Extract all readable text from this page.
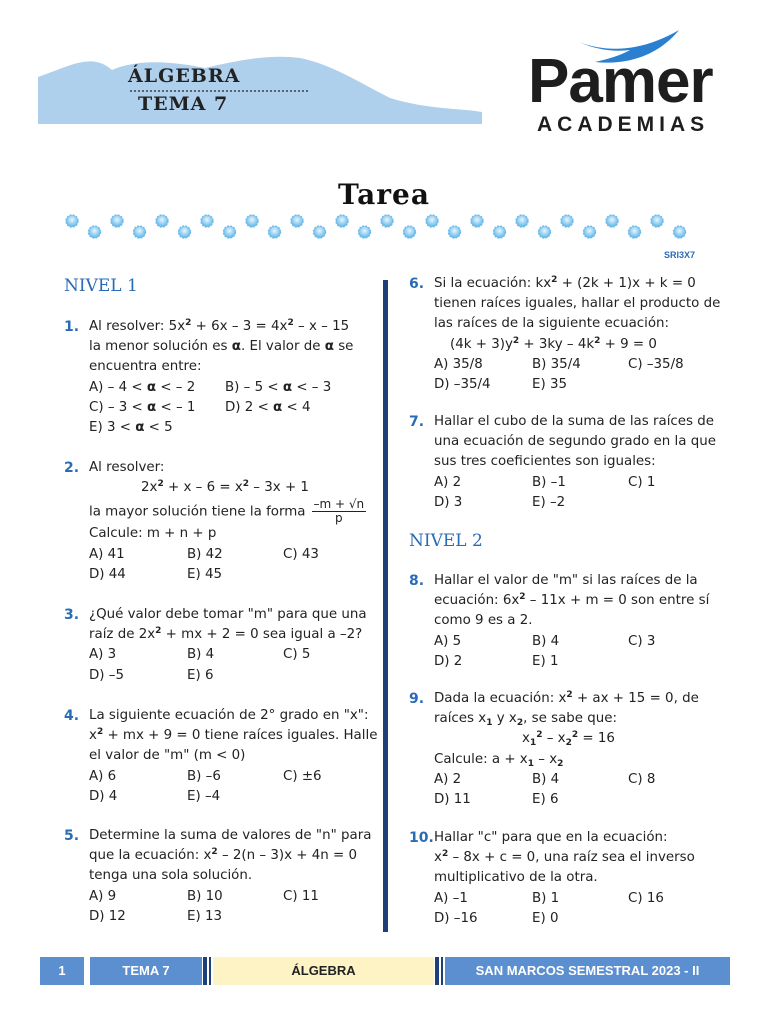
ÁLGEBRA
TEMA 7	Pamer
ACADEMIAS
Tarea
SRI3X7
NIVEL 1
1. Al resolver: $5x^2 + 6x - 3 = 4x^2 - x - 15$
la menor solución es α. El valor de α se
encuentra entre:
A) – 4 < α < – 2 B) – 5 < α < – 3
C) – 3 < α < – 1 D) 2 < α < 4
E) 3 < α < 5
2. Al resolver:
$2x^2 + x - 6 = x^2 - 3x + 1$
la mayor solución tiene la forma $\frac{-m + √n}{p}$
Calcule: m + n + p
A) 41	B) 42	C) 43
D) 44	E) 45
3. ¿Qué valor debe tomar "m" para que una
raíz de $2x^2$ + mx + 2 = 0 sea igual a –2?
A) 3	B) 4	C) 5
D) –5	E) 6
4. La siguiente ecuación de 2° grado en "x":
$x^2$ + mx + 9 = 0 tiene raíces iguales. Halle
el valor de "m" (m < 0)
A) 6	B) –6	C) ±6
D) 4	E) –4
5. Determine la suma de valores de "n" para
que la ecuación: $x^2 - 2(n - 3)x + 4n = 0$
tenga una sola solución.
A) 9	B) 10	C) 11
D) 12	E) 13
6. Si la ecuación: $kx^2 + (2k + 1)x + k = 0$
tienen raíces iguales, hallar el producto de
las raíces de la siguiente ecuación:
$(4k + 3)y^2 + 3ky - 4k^2 + 9 = 0$
A) 35/8	B) 35/4	C) –35/8
D) –35/4	E) 35
7. Hallar el cubo de la suma de las raíces de
una ecuación de segundo grado en la que
sus tres coeficientes son iguales:
A) 2	B) –1	C) 1
D) 3	E) –2
NIVEL 2
8. Hallar el valor de "m" si las raíces de la
ecuación: $6x^2 - 11x + m = 0$ son entre sí
como 9 es a 2.
A) 5	B) 4	C) 3
D) 2	E) 1
9. Dada la ecuación: $x^2$ + ax + 15 = 0, de
raíces $x_1$ y $x_2$, se sabe que:
$x_1^2 - x_2^2 = 16$
Calcule: $a + x_1 - x_2$
A) 2	B) 4	C) 8
D) 11	E) 6
10. Hallar "c" para que en la ecuación:
$x^2 - 8x + c = 0$, una raíz sea el inverso
multiplicativo de la otra.
A) –1	B) 1	C) 16
D) –16	E) 0
1	TEMA 7	ÁLGEBRA	SAN MARCOS SEMESTRAL 2023 - II
